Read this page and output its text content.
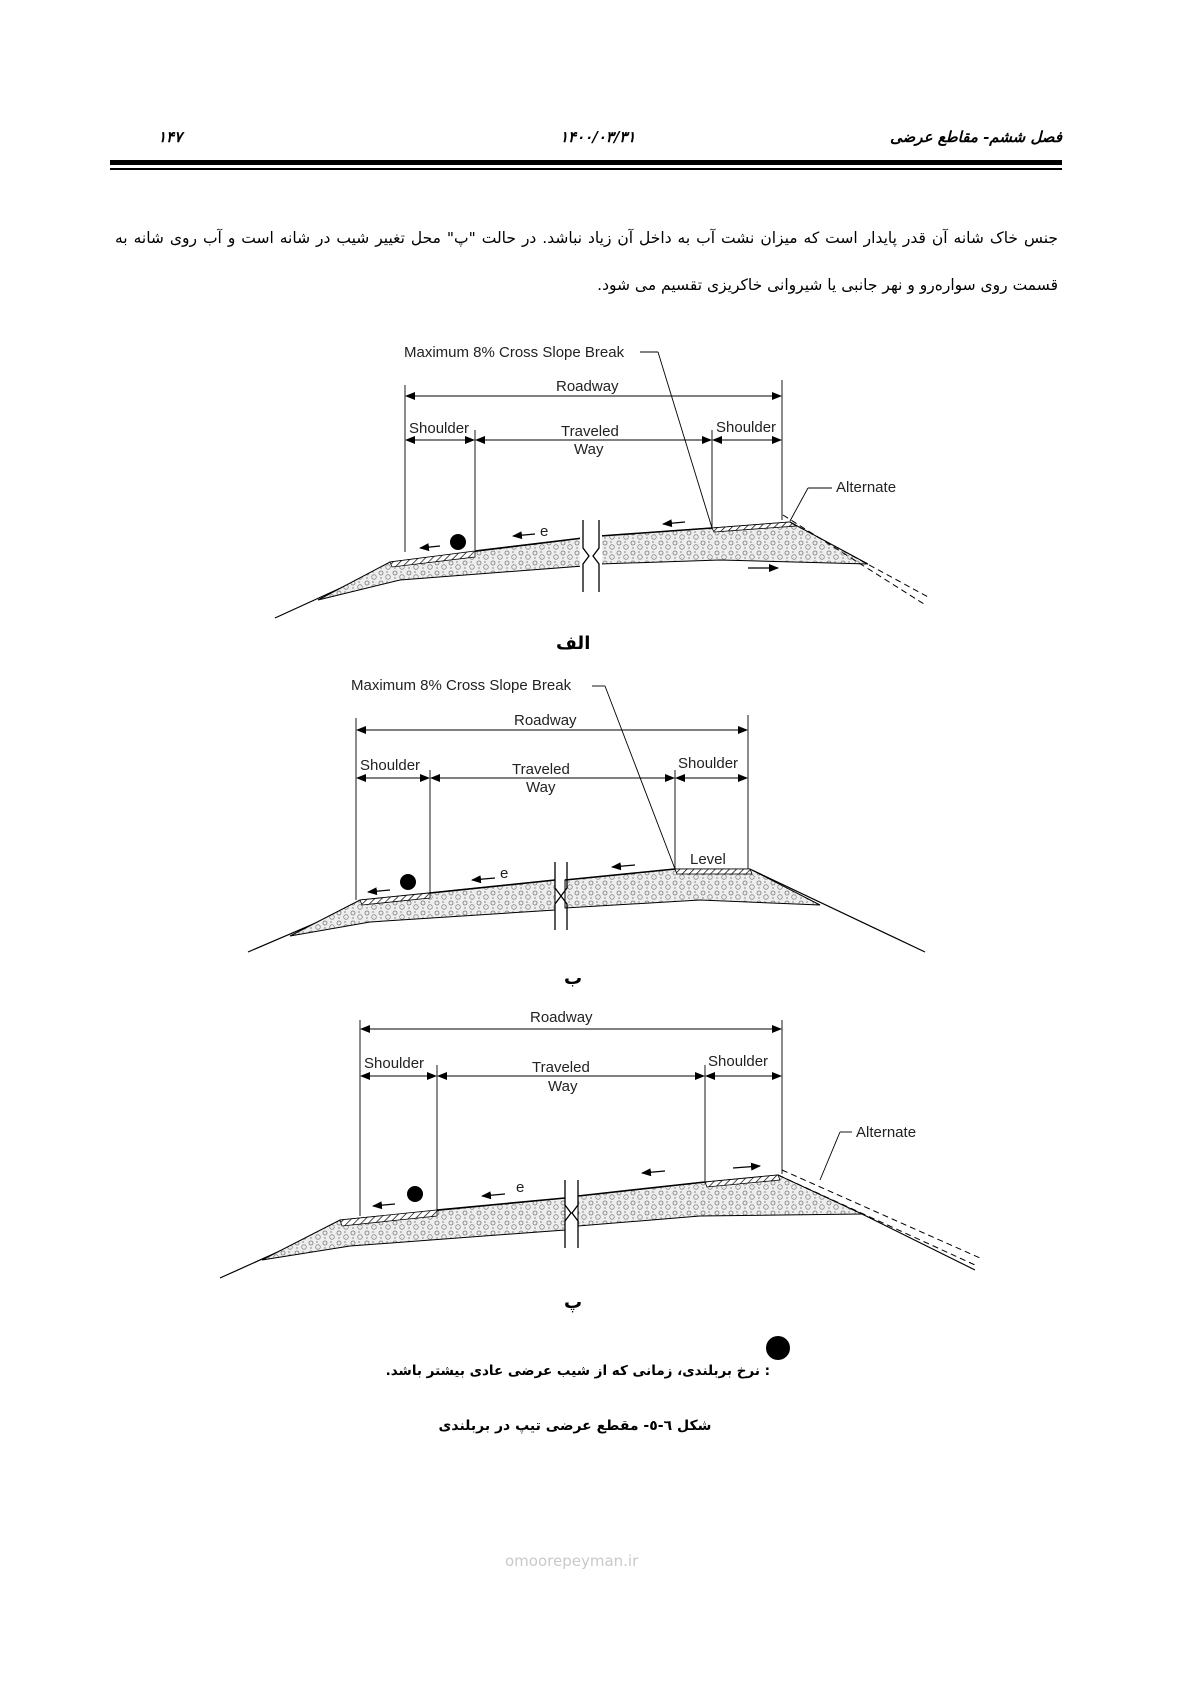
۱۴۷	۱۴۰۰/۰۳/۳۱	فصل ششم- مقاطع عرضی
جنس خاک شانه آن قدر پایدار است که میزان نشت آب به داخل آن زیاد نباشد. در حالت "پ" محل تغییر شیب در شانه است و آب روی شانه به قسمت روی سواره‌رو و نهر جانبی یا شیروانی خاکریزی تقسیم می شود.
Maximum 8% Cross Slope Break
Roadway
Shoulder	Traveled
Way
Shoulder
Alternate
e
Maximum 8% Cross Slope Break
Roadway
Shoulder	Traveled
Way
Shoulder
Level
e
Roadway
Shoulder	Traveled
Way
Shoulder
Alternate
e
الف
ب
پ
: نرخ بربلندی، زمانی که از شیب عرضی عادی بیشتر باشد.
شکل ٦-٥- مقطع عرضی تیپ در بربلندی
omoorepeyman.ir
